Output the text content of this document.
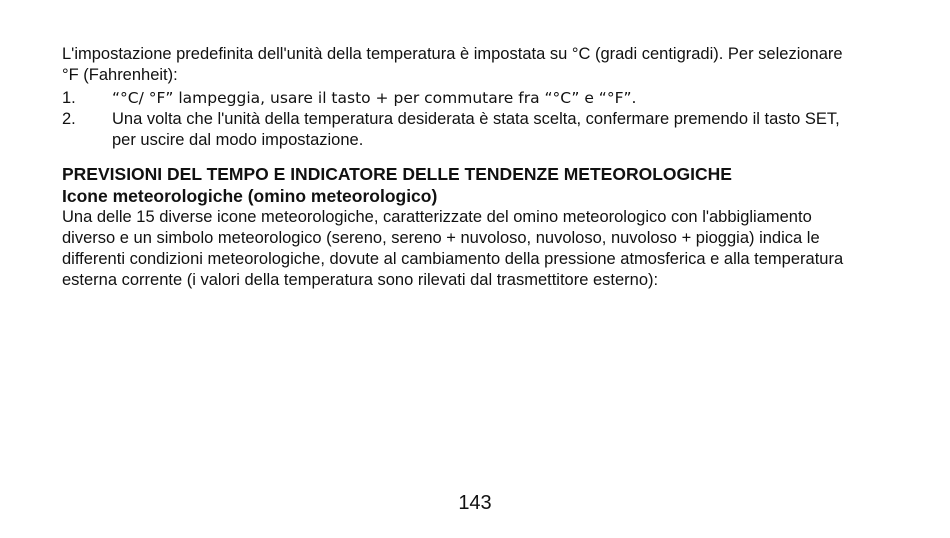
L'impostazione predefinita dell'unità della temperatura è impostata su °C (gradi centigradi). Per selezionare °F (Fahrenheit):

1.	“°C/ °F” lampeggia, usare il tasto + per commutare fra “°C” e “°F”.
2.	Una volta che l'unità della temperatura desiderata è stata scelta, confermare premendo il tasto SET, per uscire dal modo impostazione.
PREVISIONI DEL TEMPO E INDICATORE DELLE TENDENZE METEOROLOGICHE
Icone meteorologiche (omino meteorologico)

Una delle 15 diverse icone meteorologiche, caratterizzate del omino meteorologico con l'abbigliamento diverso e un simbolo meteorologico (sereno, sereno + nuvoloso, nuvoloso, nuvoloso + pioggia) indica le differenti condizioni meteorologiche, dovute al cambiamento della pressione atmosferica e alla temperatura esterna corrente (i valori della temperatura sono rilevati dal trasmettitore esterno):

143
